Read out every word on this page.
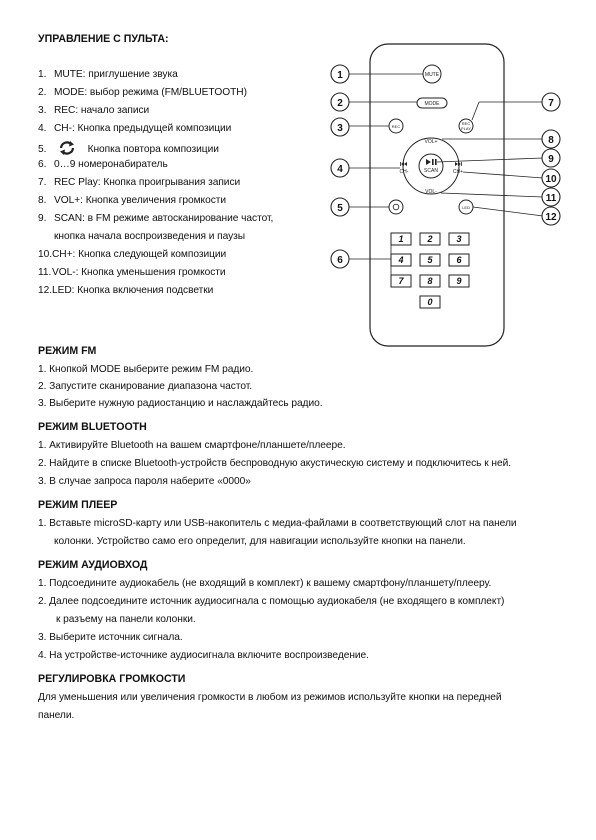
УПРАВЛЕНИЕ С ПУЛЬТА:
1. MUTE: приглушение звука
2. MODE: выбор режима (FM/BLUETOOTH)
3. REC: начало записи
4. CH-: Кнопка предыдущей композиции
5.	Кнопка повтора композиции
6. 0…9 номеронабиратель
7. REC Play: Кнопка проигрывания записи
8. VOL+: Кнопка увеличения громкости
9. SCAN: в FM режиме автосканирование частот,
кнопка начала воспроизведения и паузы
10.CH+: Кнопка следующей композиции
11.VOL-: Кнопка уменьшения громкости
12.LED: Кнопка включения подсветки
MUTE
MODE
REC
REC
PLAY
VOL+
VOL-
CH-	CH+
SCAN
LED
1	2	3
4	5	6
7	8	9
0
1
2
3
4
5
6
7
8
9
10
11
12
РЕЖИМ FM
1. Кнопкой MODE выберите режим FM радио.
2. Запустите сканирование диапазона частот.
3. Выберите нужную радиостанцию и наслаждайтесь радио.
РЕЖИМ BLUETOOTH
1. Активируйте Bluetooth на вашем смартфоне/планшете/плеере.
2. Найдите в списке Bluetooth-устройств беспроводную акустическую систему и подключитесь к ней.
3. В случае запроса пароля наберите «0000»
РЕЖИМ ПЛЕЕР
1. Вставьте microSD-карту или USB-накопитель с медиа-файлами в соответствующий слот на панели
колонки. Устройство само его определит, для навигации используйте кнопки на панели.
РЕЖИМ АУДИОВХОД
1. Подсоедините аудиокабель (не входящий в комплект) к вашему смартфону/планшету/плееру.
2. Далее подсоедините источник аудиосигнала с помощью аудиокабеля (не входящего в комплект)
к разъему на панели колонки.
3. Выберите источник сигнала.
4. На устройстве-источнике аудиосигнала включите воспроизведение.
РЕГУЛИРОВКА ГРОМКОСТИ
Для уменьшения или увеличения громкости в любом из режимов используйте кнопки на передней
панели.
